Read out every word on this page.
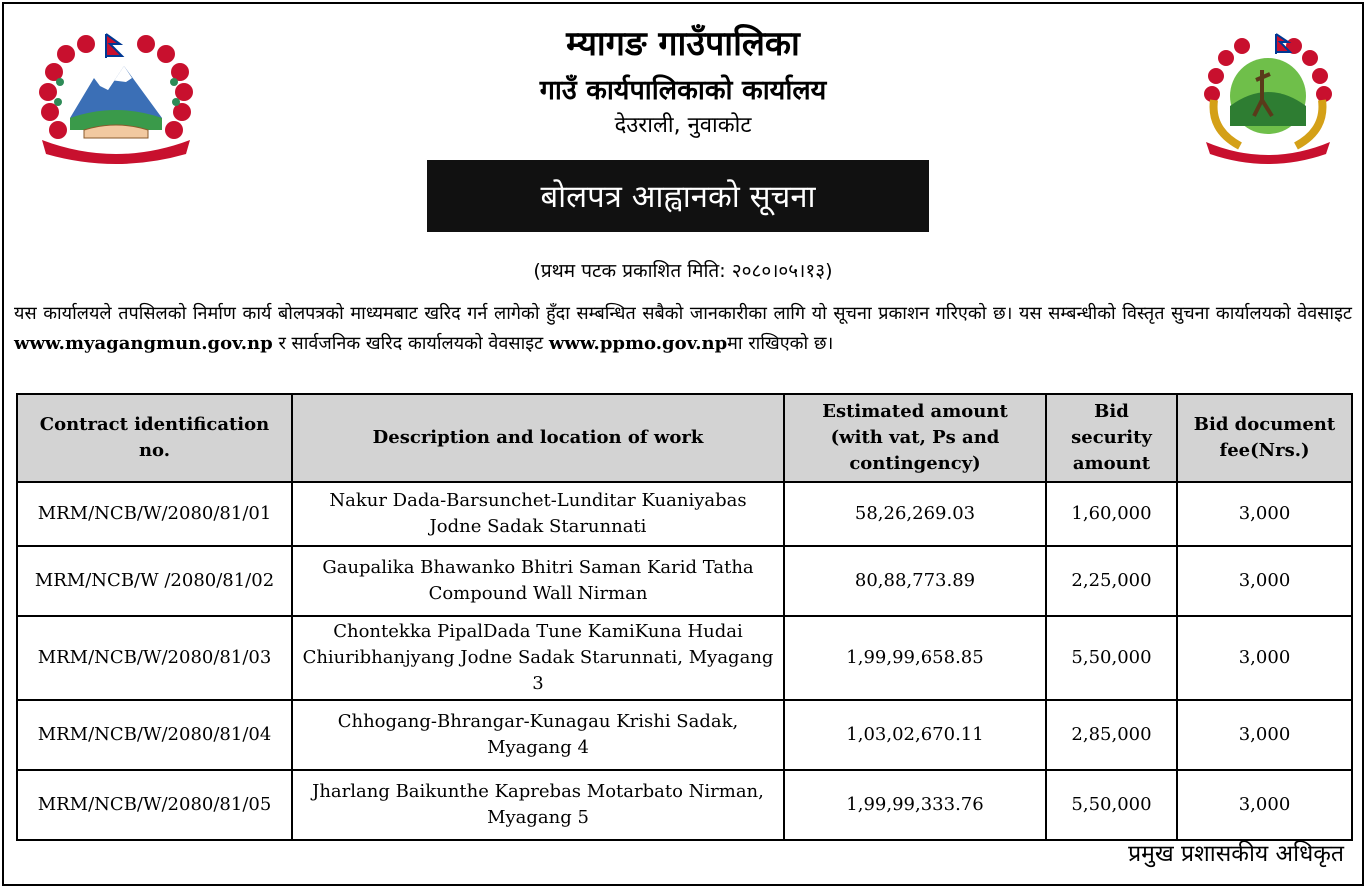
म्यागङ गाउँपालिका
गाउँ कार्यपालिकाको कार्यालय
देउराली, नुवाकोट
बोलपत्र आह्वानको सूचना
(प्रथम पटक प्रकाशित मिति: २०८०।०५।१३)
यस कार्यालयले तपसिलको निर्माण कार्य बोलपत्रको माध्यमबाट खरिद गर्न लागेको हुँदा सम्बन्धित सबैको जानकारीका लागि यो सूचना प्रकाशन गरिएको छ। यस सम्बन्धीको विस्तृत सुचना कार्यालयको वेवसाइट www.myagangmun.gov.np र सार्वजनिक खरिद कार्यालयको वेवसाइट www.ppmo.gov.npमा राखिएको छ।
Contract identification no.	Description and location of work	Estimated amount (with vat, Ps and contingency)	Bid security amount	Bid document fee(Nrs.)
MRM/NCB/W/2080/81/01	Nakur Dada-Barsunchet-Lunditar Kuaniyabas Jodne Sadak Starunnati	58,26,269.03	1,60,000	3,000
MRM/NCB/W /2080/81/02	Gaupalika Bhawanko Bhitri Saman Karid Tatha Compound Wall Nirman	80,88,773.89	2,25,000	3,000
MRM/NCB/W/2080/81/03	Chontekka PipalDada Tune KamiKuna Hudai Chiuribhanjyang Jodne Sadak Starunnati, Myagang 3	1,99,99,658.85	5,50,000	3,000
MRM/NCB/W/2080/81/04	Chhogang-Bhrangar-Kunagau Krishi Sadak, Myagang 4	1,03,02,670.11	2,85,000	3,000
MRM/NCB/W/2080/81/05	Jharlang Baikunthe Kaprebas Motarbato Nirman, Myagang 5	1,99,99,333.76	5,50,000	3,000
प्रमुख प्रशासकीय अधिकृत
